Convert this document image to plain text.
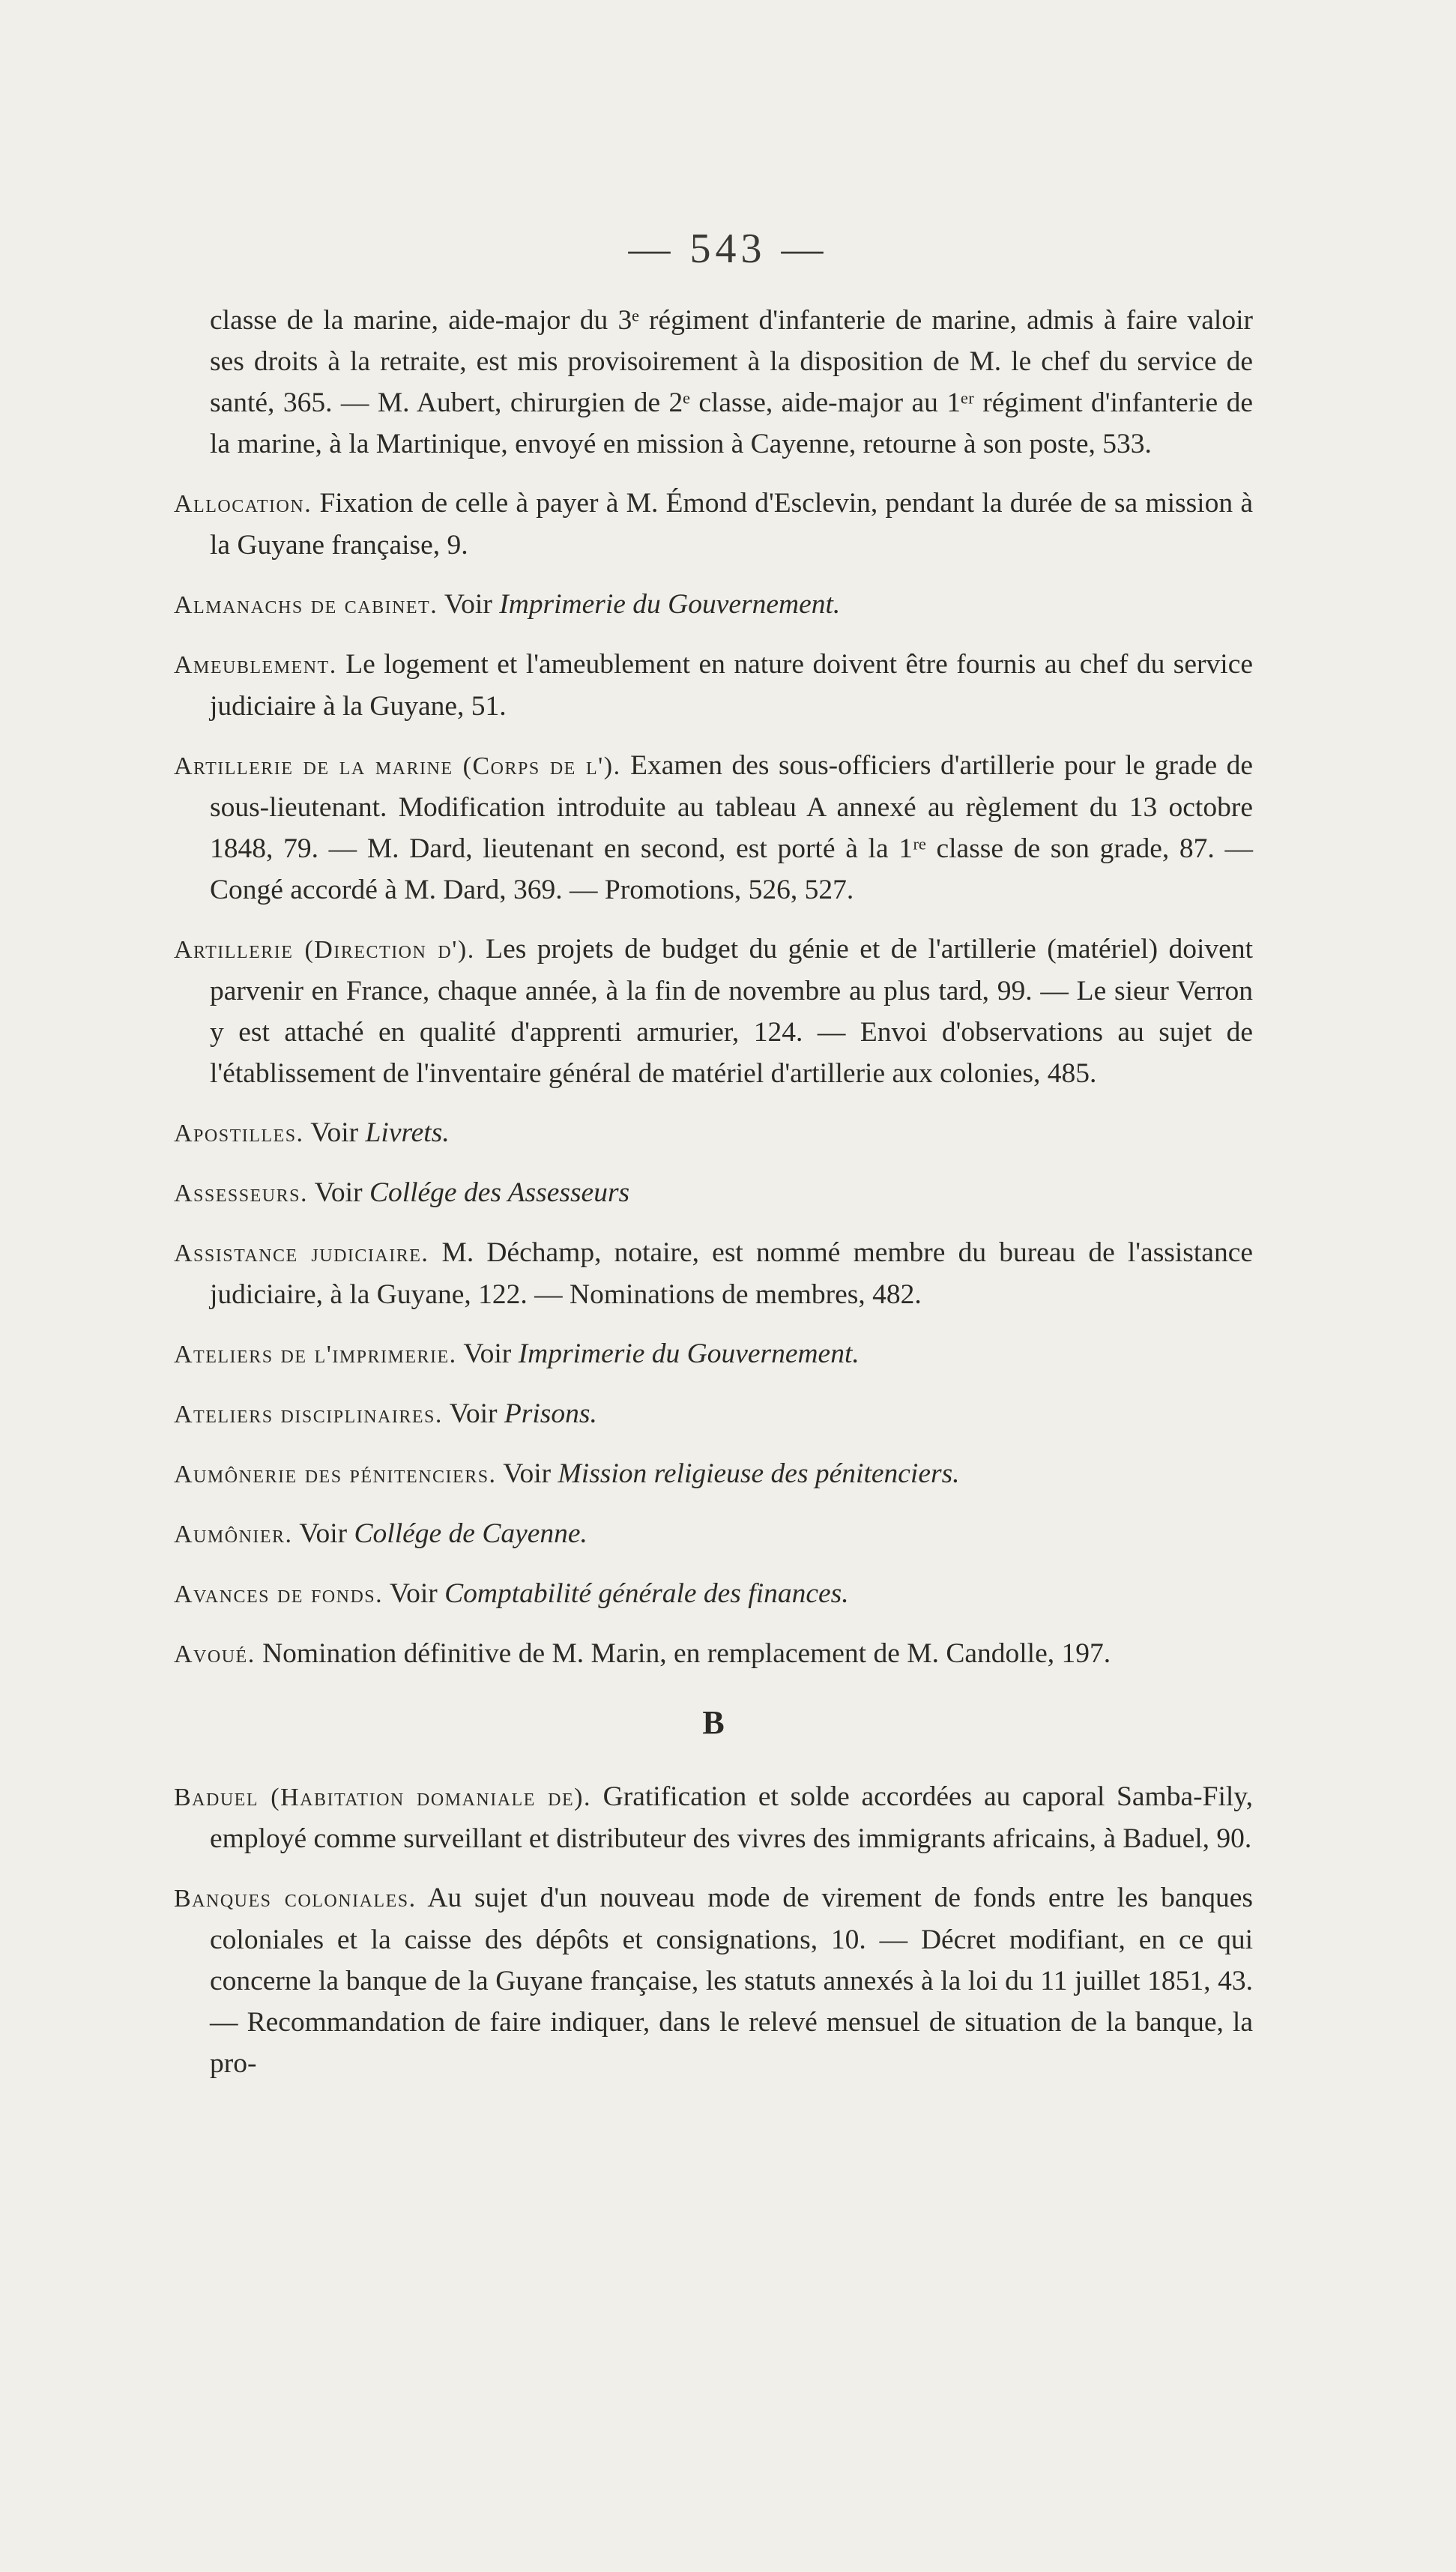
— 543 —

classe de la marine, aide-major du 3ᵉ régiment d'infanterie de marine, admis à faire valoir ses droits à la retraite, est mis provisoirement à la disposition de M. le chef du service de santé, 365. — M. Aubert, chirurgien de 2ᵉ classe, aide-major au 1ᵉʳ régiment d'infanterie de la marine, à la Martinique, envoyé en mission à Cayenne, retourne à son poste, 533.

Allocation. Fixation de celle à payer à M. Émond d'Esclevin, pendant la durée de sa mission à la Guyane française, 9.

Almanachs de cabinet. Voir Imprimerie du Gouvernement.

Ameublement. Le logement et l'ameublement en nature doivent être fournis au chef du service judiciaire à la Guyane, 51.

Artillerie de la marine (Corps de l'). Examen des sous-officiers d'artillerie pour le grade de sous-lieutenant. Modification introduite au tableau A annexé au règlement du 13 octobre 1848, 79. — M. Dard, lieutenant en second, est porté à la 1ʳᵉ classe de son grade, 87. — Congé accordé à M. Dard, 369. — Promotions, 526, 527.

Artillerie (Direction d'). Les projets de budget du génie et de l'artillerie (matériel) doivent parvenir en France, chaque année, à la fin de novembre au plus tard, 99. — Le sieur Verron y est attaché en qualité d'apprenti armurier, 124. — Envoi d'observations au sujet de l'établissement de l'inventaire général de matériel d'artillerie aux colonies, 485.

Apostilles. Voir Livrets.

Assesseurs. Voir Collége des Assesseurs

Assistance judiciaire. M. Déchamp, notaire, est nommé membre du bureau de l'assistance judiciaire, à la Guyane, 122. — Nominations de membres, 482.

Ateliers de l'imprimerie. Voir Imprimerie du Gouvernement.

Ateliers disciplinaires. Voir Prisons.

Aumônerie des pénitenciers. Voir Mission religieuse des pénitenciers.

Aumônier. Voir Collége de Cayenne.

Avances de fonds. Voir Comptabilité générale des finances.

Avoué. Nomination définitive de M. Marin, en remplacement de M. Candolle, 197.

B

Baduel (Habitation domaniale de). Gratification et solde accordées au caporal Samba-Fily, employé comme surveillant et distributeur des vivres des immigrants africains, à Baduel, 90.

Banques coloniales. Au sujet d'un nouveau mode de virement de fonds entre les banques coloniales et la caisse des dépôts et consignations, 10. — Décret modifiant, en ce qui concerne la banque de la Guyane française, les statuts annexés à la loi du 11 juillet 1851, 43. — Recommandation de faire indiquer, dans le relevé mensuel de situation de la banque, la pro-
